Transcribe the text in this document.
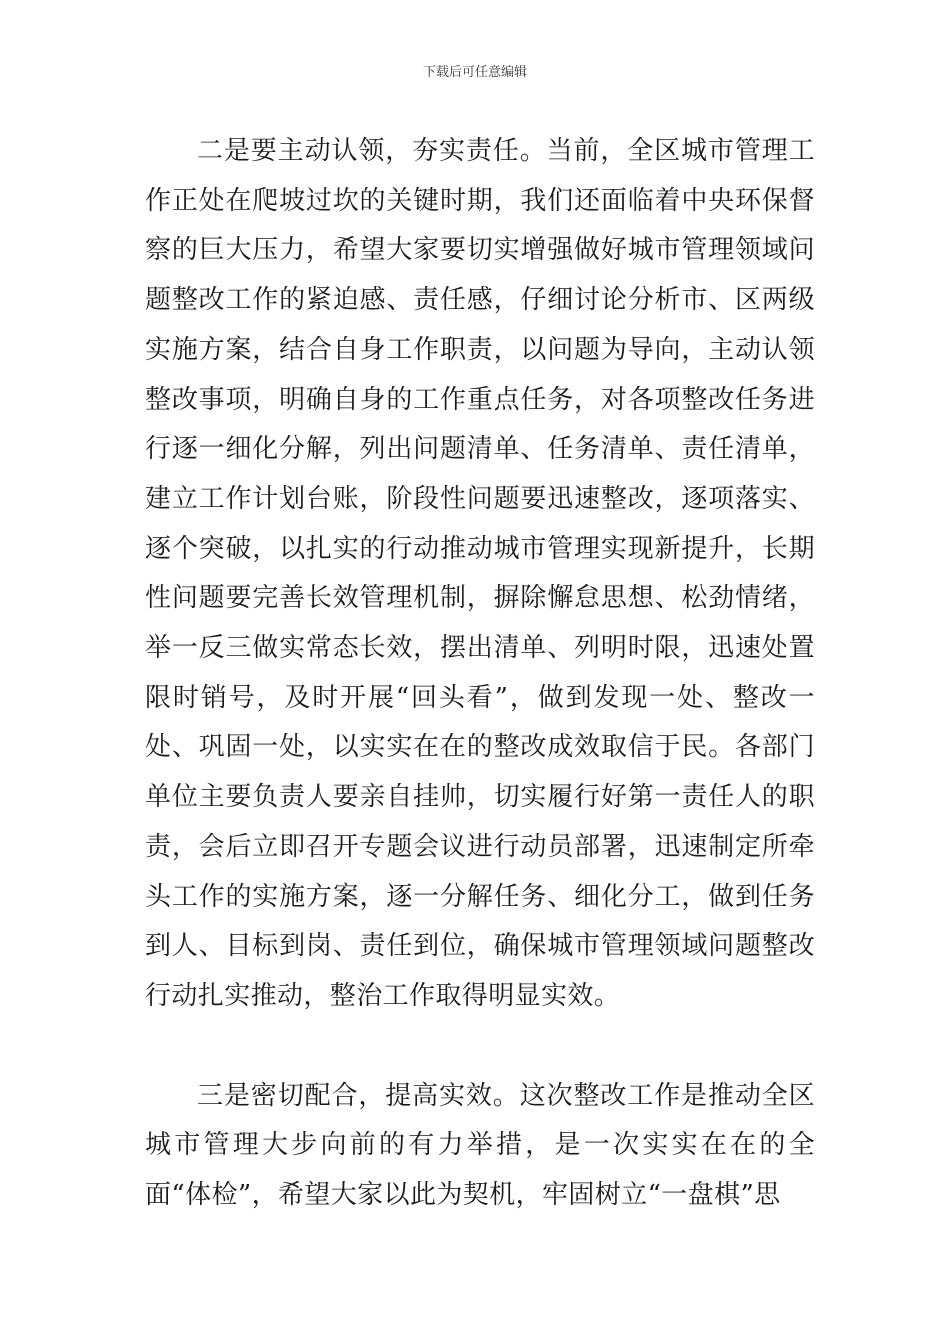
下载后可任意编辑

二是要主动认领，夯实责任。当前，全区城市管理工作正处在爬坡过坎的关键时期，我们还面临着中央环保督察的巨大压力，希望大家要切实增强做好城市管理领域问题整改工作的紧迫感、责任感，仔细讨论分析市、区两级实施方案，结合自身工作职责，以问题为导向，主动认领整改事项，明确自身的工作重点任务，对各项整改任务进行逐一细化分解，列出问题清单、任务清单、责任清单，建立工作计划台账，阶段性问题要迅速整改，逐项落实、逐个突破，以扎实的行动推动城市管理实现新提升，长期性问题要完善长效管理机制，摒除懈怠思想、松劲情绪，举一反三做实常态长效，摆出清单、列明时限，迅速处置限时销号，及时开展“回头看”，做到发现一处、整改一处、巩固一处，以实实在在的整改成效取信于民。各部门单位主要负责人要亲自挂帅，切实履行好第一责任人的职责，会后立即召开专题会议进行动员部署，迅速制定所牵头工作的实施方案，逐一分解任务、细化分工，做到任务到人、目标到岗、责任到位，确保城市管理领域问题整改行动扎实推动，整治工作取得明显实效。

三是密切配合，提高实效。这次整改工作是推动全区城市管理大步向前的有力举措，是一次实实在在的全面“体检”，希望大家以此为契机，牢固树立“一盘棋”思
